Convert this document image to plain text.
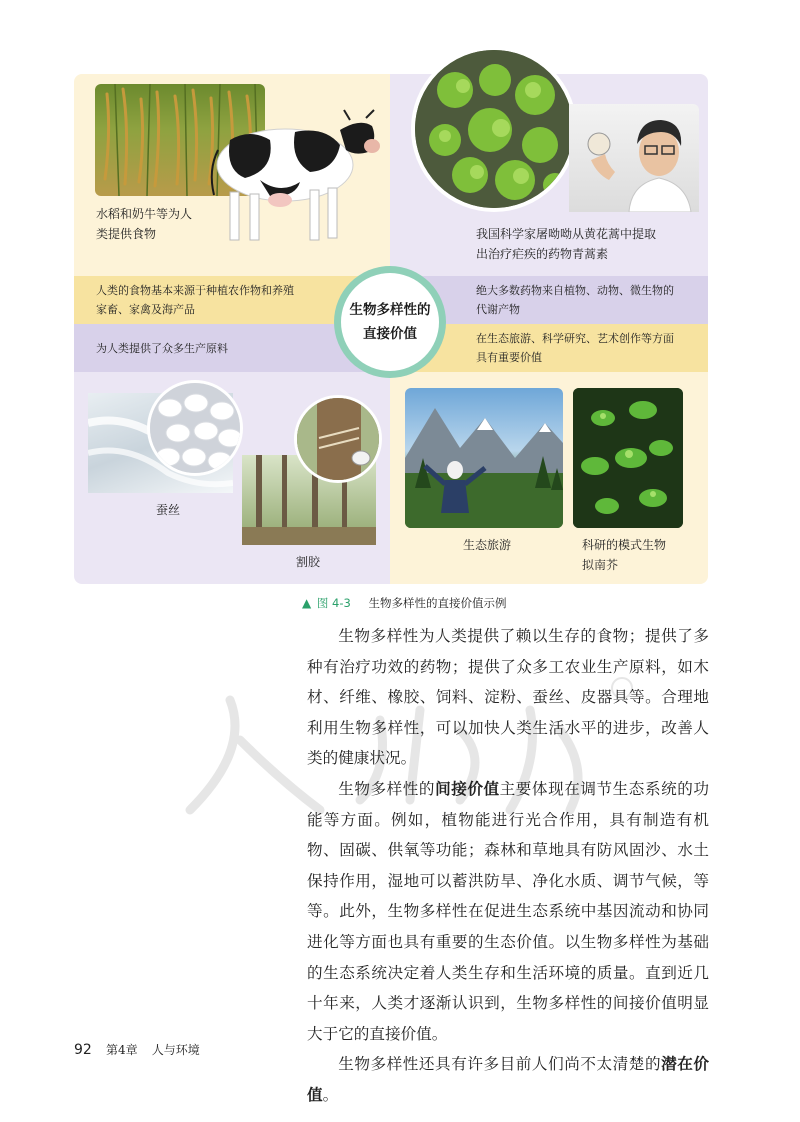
人类的食物基本来源于种植农作物和养殖
家畜、家禽及海产品
绝大多数药物来自植物、动物、微生物的
代谢产物
为人类提供了众多生产原料
在生态旅游、科学研究、艺术创作等方面
具有重要价值
生物多样性的
直接价值
水稻和奶牛等为人
类提供食物	我国科学家屠呦呦从黄花蒿中提取
出治疗疟疾的药物青蒿素
蚕丝
割胶
生态旅游	科研的模式生物
拟南芥
▲ 图 4-3 生物多样性的直接价值示例

生物多样性为人类提供了赖以生存的食物；提供了多种有治疗功效的药物；提供了众多工农业生产原料，如木材、纤维、橡胶、饲料、淀粉、蚕丝、皮器具等。合理地利用生物多样性，可以加快人类生活水平的进步，改善人类的健康状况。

生物多样性的间接价值主要体现在调节生态系统的功能等方面。例如，植物能进行光合作用，具有制造有机物、固碳、供氧等功能；森林和草地具有防风固沙、水土保持作用，湿地可以蓄洪防旱、净化水质、调节气候，等等。此外，生物多样性在促进生态系统中基因流动和协同进化等方面也具有重要的生态价值。以生物多样性为基础的生态系统决定着人类生存和生活环境的质量。直到近几十年来，人类才逐渐认识到，生物多样性的间接价值明显大于它的直接价值。

生物多样性还具有许多目前人们尚不太清楚的潜在价值。

92 第4章 人与环境
